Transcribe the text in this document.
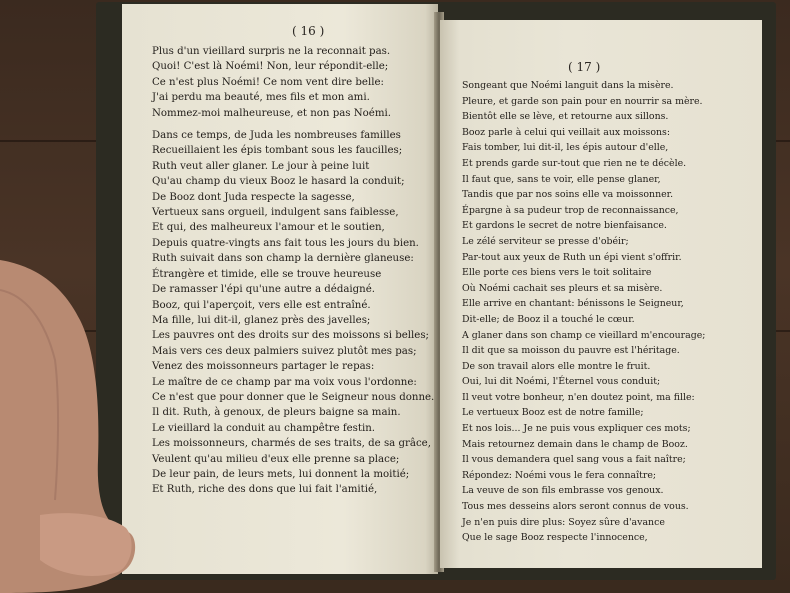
( 16 )
Plus d'un vieillard surpris ne la reconnait pas.
Quoi! C'est là Noémi! Non, leur répondit-elle;
Ce n'est plus Noémi! Ce nom vent dire belle:
J'ai perdu ma beauté, mes fils et mon ami.
Nommez-moi malheureuse, et non pas Noémi.
Dans ce temps, de Juda les nombreuses familles
Recueillaient les épis tombant sous les faucilles;
Ruth veut aller glaner. Le jour à peine luit
Qu'au champ du vieux Booz le hasard la conduit;
De Booz dont Juda respecte la sagesse,
Vertueux sans orgueil, indulgent sans faiblesse,
Et qui, des malheureux l'amour et le soutien,
Depuis quatre-vingts ans fait tous les jours du bien.
Ruth suivait dans son champ la dernière glaneuse:
Étrangère et timide, elle se trouve heureuse
De ramasser l'épi qu'une autre a dédaigné.
Booz, qui l'aperçoit, vers elle est entraîné.
Ma fille, lui dit-il, glanez près des javelles;
Les pauvres ont des droits sur des moissons si belles;
Mais vers ces deux palmiers suivez plutôt mes pas;
Venez des moissonneurs partager le repas:
Le maître de ce champ par ma voix vous l'ordonne:
Ce n'est que pour donner que le Seigneur nous donne.
Il dit. Ruth, à genoux, de pleurs baigne sa main.
Le vieillard la conduit au champêtre festin.
Les moissonneurs, charmés de ses traits, de sa grâce,
Veulent qu'au milieu d'eux elle prenne sa place;
De leur pain, de leurs mets, lui donnent la moitié;
Et Ruth, riche des dons que lui fait l'amitié,
( 17 )
Songeant que Noémi languit dans la misère.
Pleure, et garde son pain pour en nourrir sa mère.
Bientôt elle se lève, et retourne aux sillons.
Booz parle à celui qui veillait aux moissons:
Fais tomber, lui dit-il, les épis autour d'elle,
Et prends garde sur-tout que rien ne te décèle.
Il faut que, sans te voir, elle pense glaner,
Tandis que par nos soins elle va moissonner.
Épargne à sa pudeur trop de reconnaissance,
Et gardons le secret de notre bienfaisance.
Le zélé serviteur se presse d'obéir;
Par-tout aux yeux de Ruth un épi vient s'offrir.
Elle porte ces biens vers le toit solitaire
Où Noémi cachait ses pleurs et sa misère.
Elle arrive en chantant: bénissons le Seigneur,
Dit-elle; de Booz il a touché le cœur.
A glaner dans son champ ce vieillard m'encourage;
Il dit que sa moisson du pauvre est l'héritage.
De son travail alors elle montre le fruit.
Oui, lui dit Noémi, l'Éternel vous conduit;
Il veut votre bonheur, n'en doutez point, ma fille:
Le vertueux Booz est de notre famille;
Et nos lois... Je ne puis vous expliquer ces mots;
Mais retournez demain dans le champ de Booz.
Il vous demandera quel sang vous a fait naître;
Répondez: Noémi vous le fera connaître;
La veuve de son fils embrasse vos genoux.
Tous mes desseins alors seront connus de vous.
Je n'en puis dire plus: Soyez sûre d'avance
Que le sage Booz respecte l'innocence,
